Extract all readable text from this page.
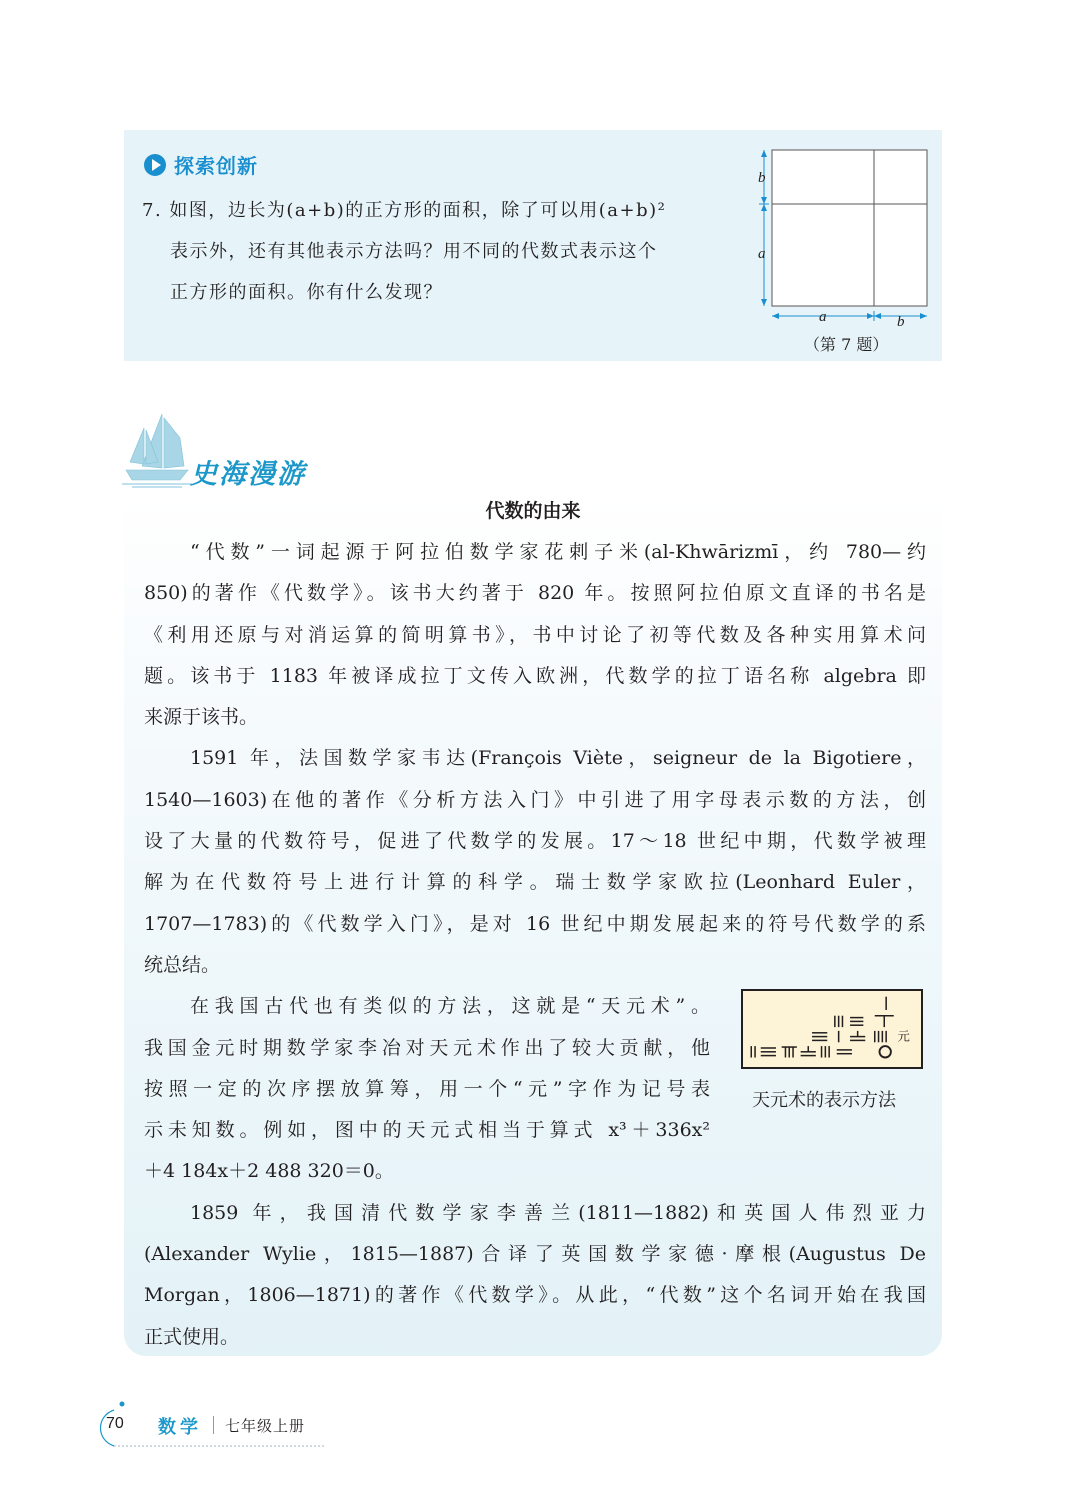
探索创新
7. 如图，边长为(a+b)的正方形的面积，除了可以用(a+b)²
表示外，还有其他表示方法吗？用不同的代数式表示这个
正方形的面积。你有什么发现？
b
a
a	b
（第 7 题）
史海漫游
代数的由来

“代数”一词起源于阿拉伯数学家花剌子米(al-Khwārizmī，约 780—约

850)的著作《代数学》。该书大约著于 820 年。按照阿拉伯原文直译的书名是

《利用还原与对消运算的简明算书》，书中讨论了初等代数及各种实用算术问

题。该书于 1183 年被译成拉丁文传入欧洲，代数学的拉丁语名称 algebra 即

来源于该书。

1591 年，法国数学家韦达(François Viète，seigneur de la Bigotiere，

1540—1603)在他的著作《分析方法入门》中引进了用字母表示数的方法，创

设了大量的代数符号，促进了代数学的发展。17～18 世纪中期，代数学被理

解为在代数符号上进行计算的科学。瑞士数学家欧拉(Leonhard Euler，

1707—1783)的《代数学入门》，是对 16 世纪中期发展起来的符号代数学的系

统总结。

在我国古代也有类似的方法，这就是“天元术”。

我国金元时期数学家李冶对天元术作出了较大贡献，他

按照一定的次序摆放算筹，用一个“元”字作为记号表

示未知数。例如，图中的天元式相当于算式 x³＋336x²

＋4 184x＋2 488 320＝0。

1859 年，我国清代数学家李善兰(1811—1882)和英国人伟烈亚力

(Alexander Wylie，1815—1887)合译了英国数学家德·摩根(Augustus De

Morgan，1806—1871)的著作《代数学》。从此，“代数”这个名词开始在我国

正式使用。

元
天元术的表示方法
70 数学 七年级上册
